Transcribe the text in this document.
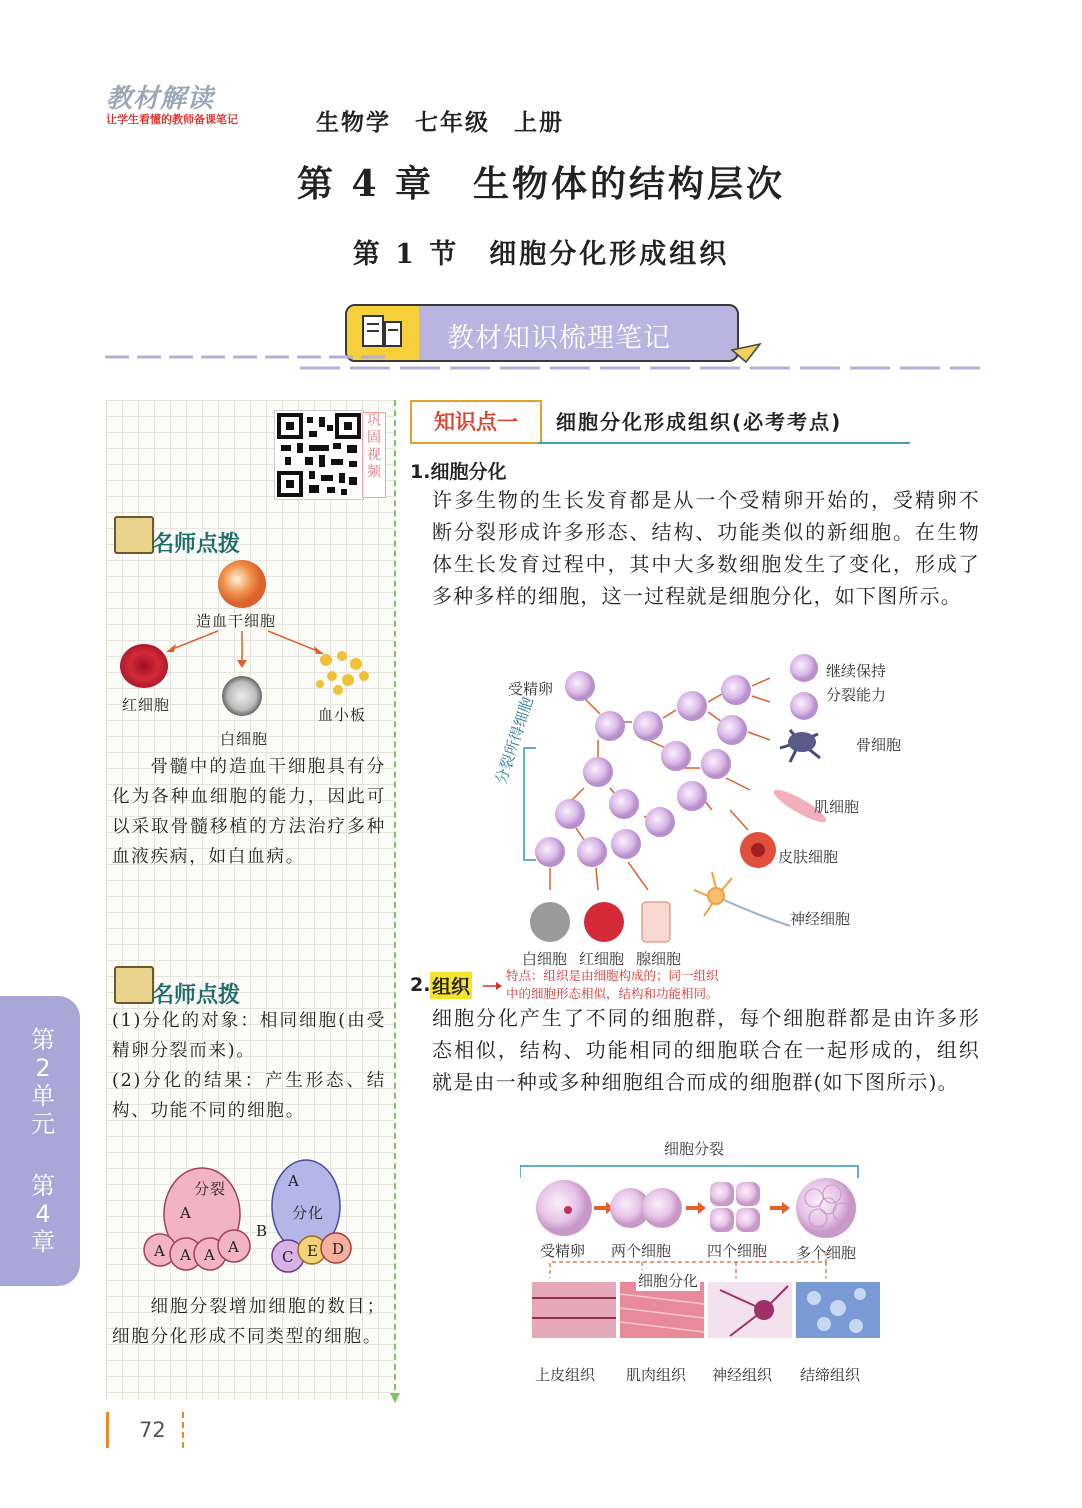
教材解读
让学生看懂的教师备课笔记	生物学 七年级 上册
第 4 章　生物体的结构层次
第 1 节　细胞分化形成组织
教材知识梳理笔记
巩固视频
名师点拨
造血干细胞
红细胞
白细胞
血小板
骨髓中的造血干细胞具有分化为各种血细胞的能力，因此可以采取骨髓移植的方法治疗多种血液疾病，如白血病。
名师点拨
(1)分化的对象：相同细胞(由受精卵分裂而来)。
(2)分化的结果：产生形态、结构、功能不同的细胞。
分裂
A
A A A A
A
分化
B
C E D
细胞分裂增加细胞的数目；细胞分化形成不同类型的细胞。
知识点一	细胞分化形成组织(必考考点)
1.细胞分化
许多生物的生长发育都是从一个受精卵开始的，受精卵不断分裂形成许多形态、结构、功能类似的新细胞。在生物体生长发育过程中，其中大多数细胞发生了变化，形成了多种多样的细胞，这一过程就是细胞分化，如下图所示。
受精卵
继续保持
分裂能力
骨细胞
肌细胞
皮肤细胞
神经细胞
分裂所得细胞
白细胞 红细胞 腺细胞
2. 组织
特点：组织是由细胞构成的；同一组织
中的细胞形态相似，结构和功能相同。
细胞分化产生了不同的细胞群，每个细胞群都是由许多形态相似，结构、功能相同的细胞联合在一起形成的，组织就是由一种或多种细胞组合而成的细胞群(如下图所示)。
细胞分裂
受精卵 两个细胞 四个细胞 多个细胞
细胞分化
上皮组织 肌肉组织 神经组织 结缔组织
第2单元
第4章
72
